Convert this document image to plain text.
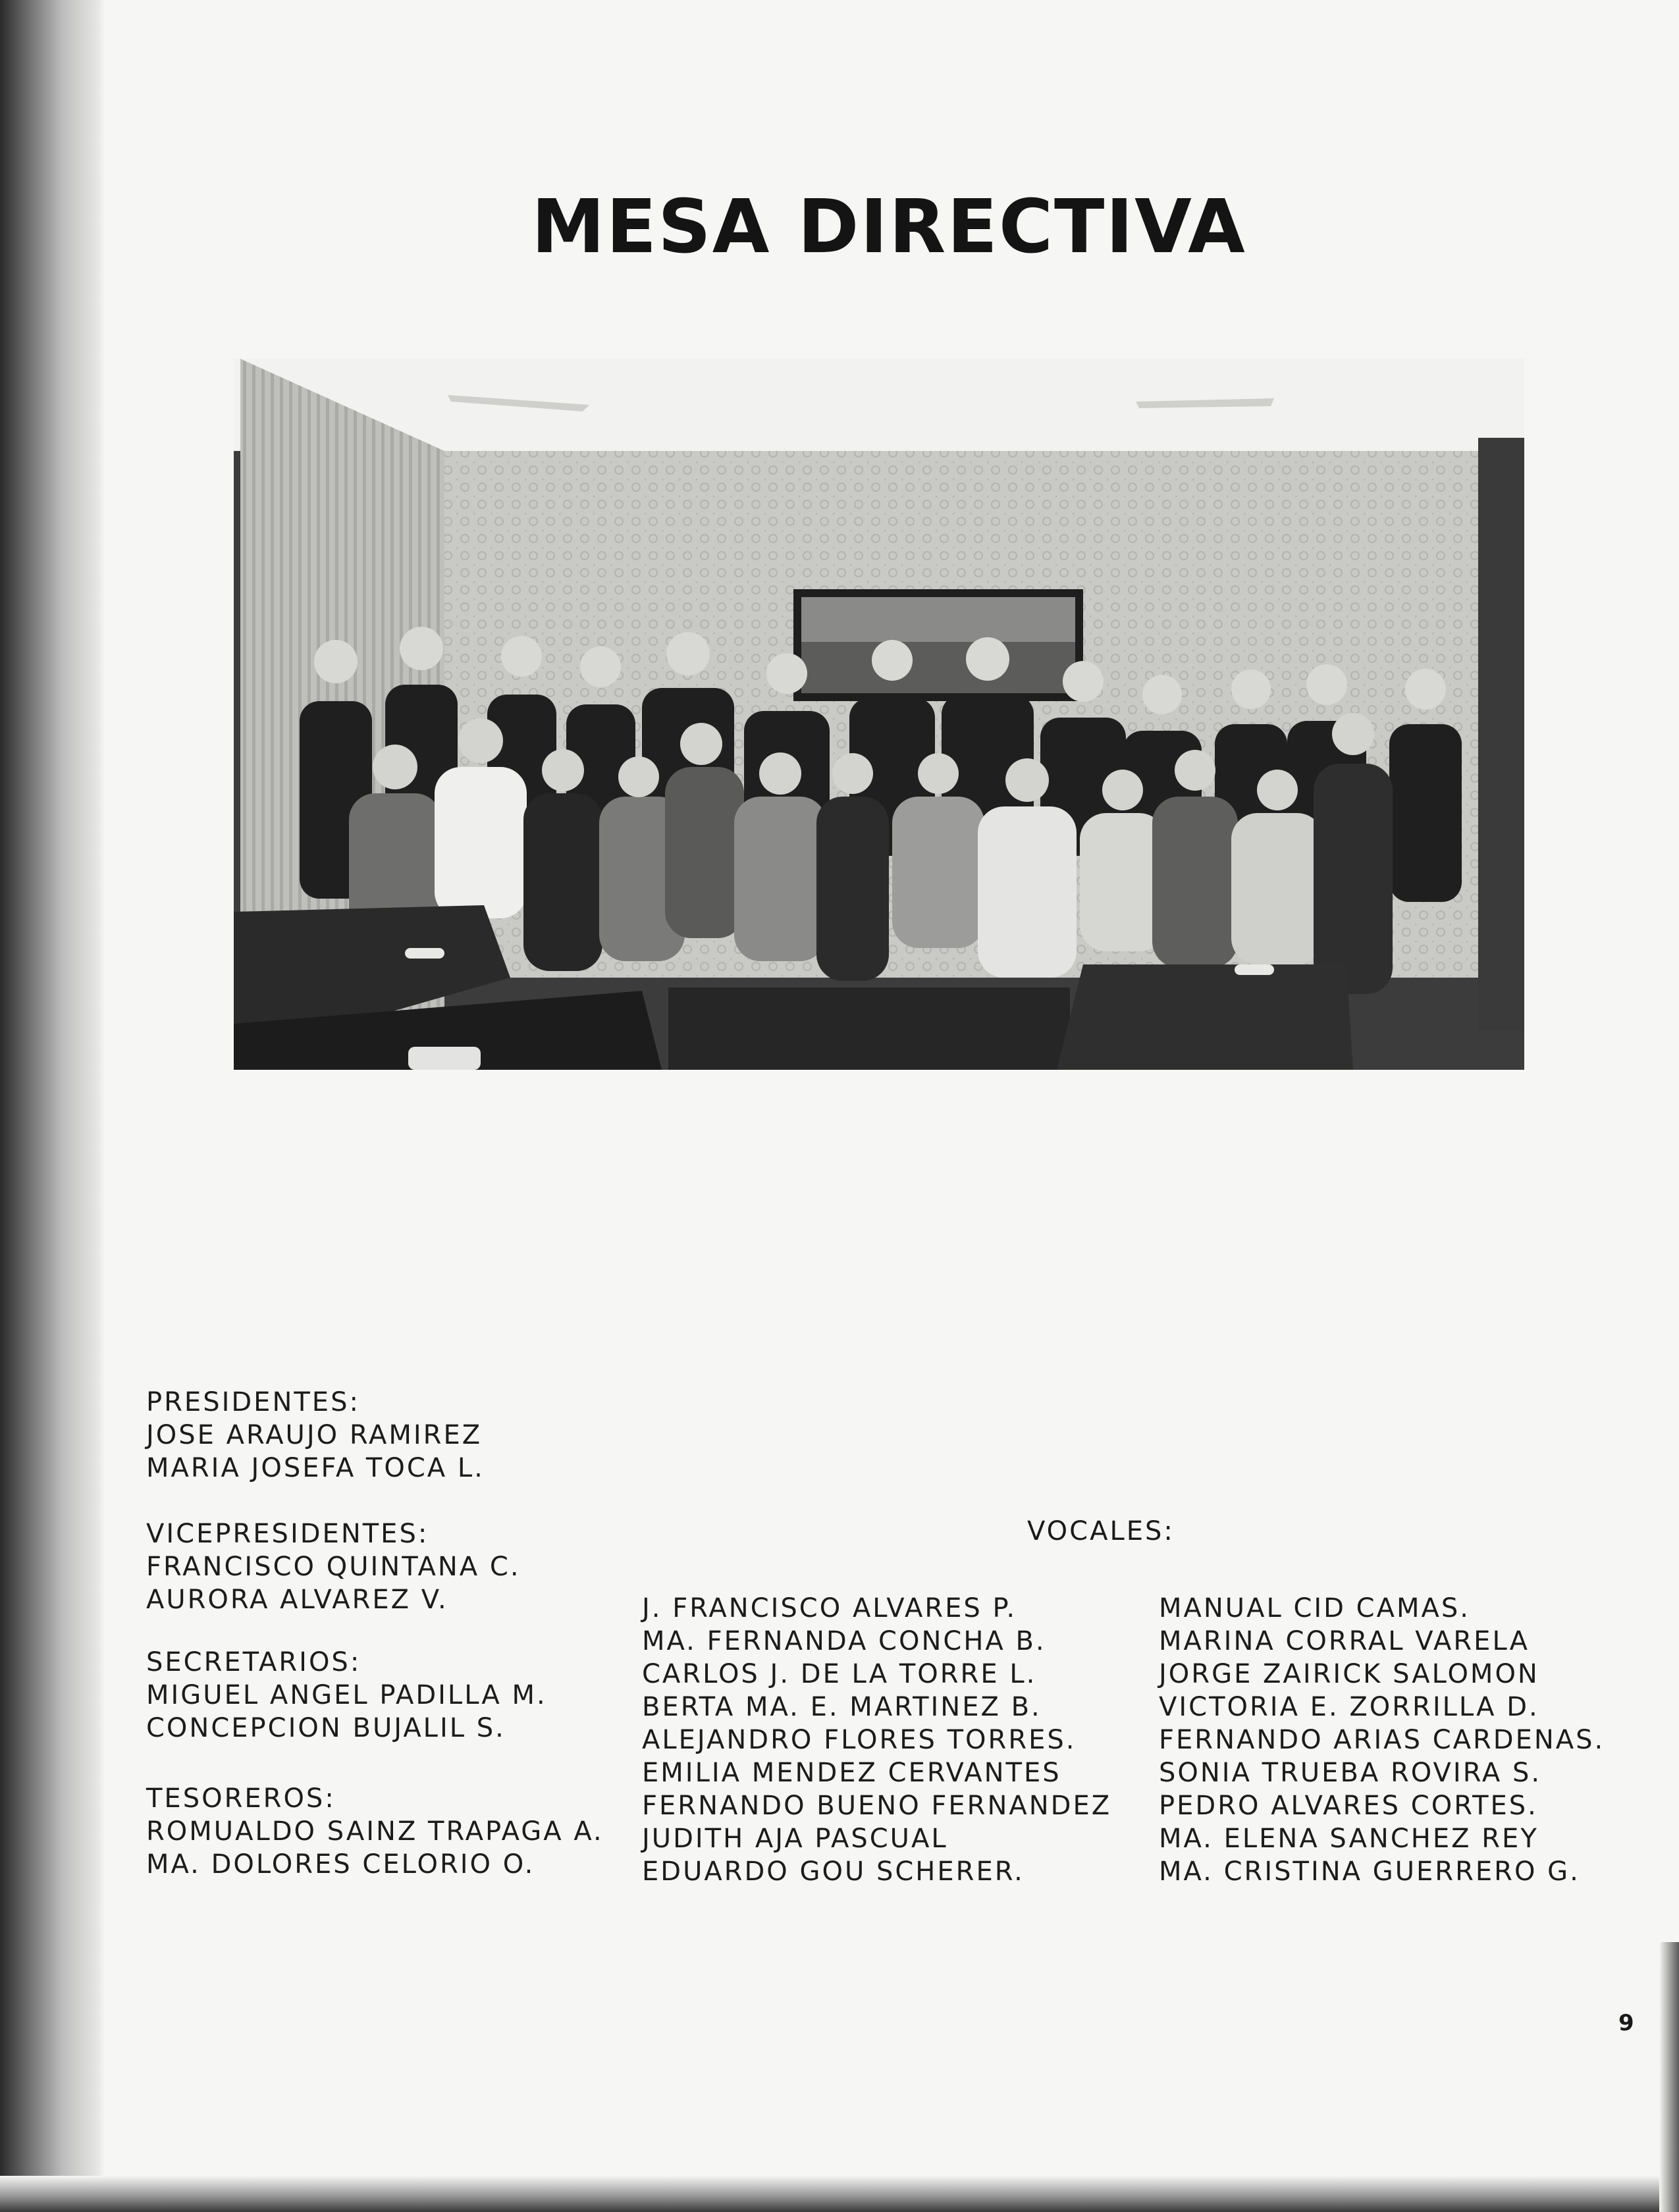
MESA DIRECTIVA

PRESIDENTES:

JOSE ARAUJO RAMIREZ

MARIA JOSEFA TOCA L.

VICEPRESIDENTES:

FRANCISCO QUINTANA C.

AURORA ALVAREZ V.

SECRETARIOS:

MIGUEL ANGEL PADILLA M.

CONCEPCION BUJALIL S.

TESOREROS:

ROMUALDO SAINZ TRAPAGA A.

MA. DOLORES CELORIO O.

VOCALES:

J. FRANCISCO ALVARES P.

MA. FERNANDA CONCHA B.

CARLOS J. DE LA TORRE L.

BERTA MA. E. MARTINEZ B.

ALEJANDRO FLORES TORRES.

EMILIA MENDEZ CERVANTES

FERNANDO BUENO FERNANDEZ

JUDITH AJA PASCUAL

EDUARDO GOU SCHERER.

MANUAL CID CAMAS.

MARINA CORRAL VARELA

JORGE ZAIRICK SALOMON

VICTORIA E. ZORRILLA D.

FERNANDO ARIAS CARDENAS.

SONIA TRUEBA ROVIRA S.

PEDRO ALVARES CORTES.

MA. ELENA SANCHEZ REY

MA. CRISTINA GUERRERO G.

9
